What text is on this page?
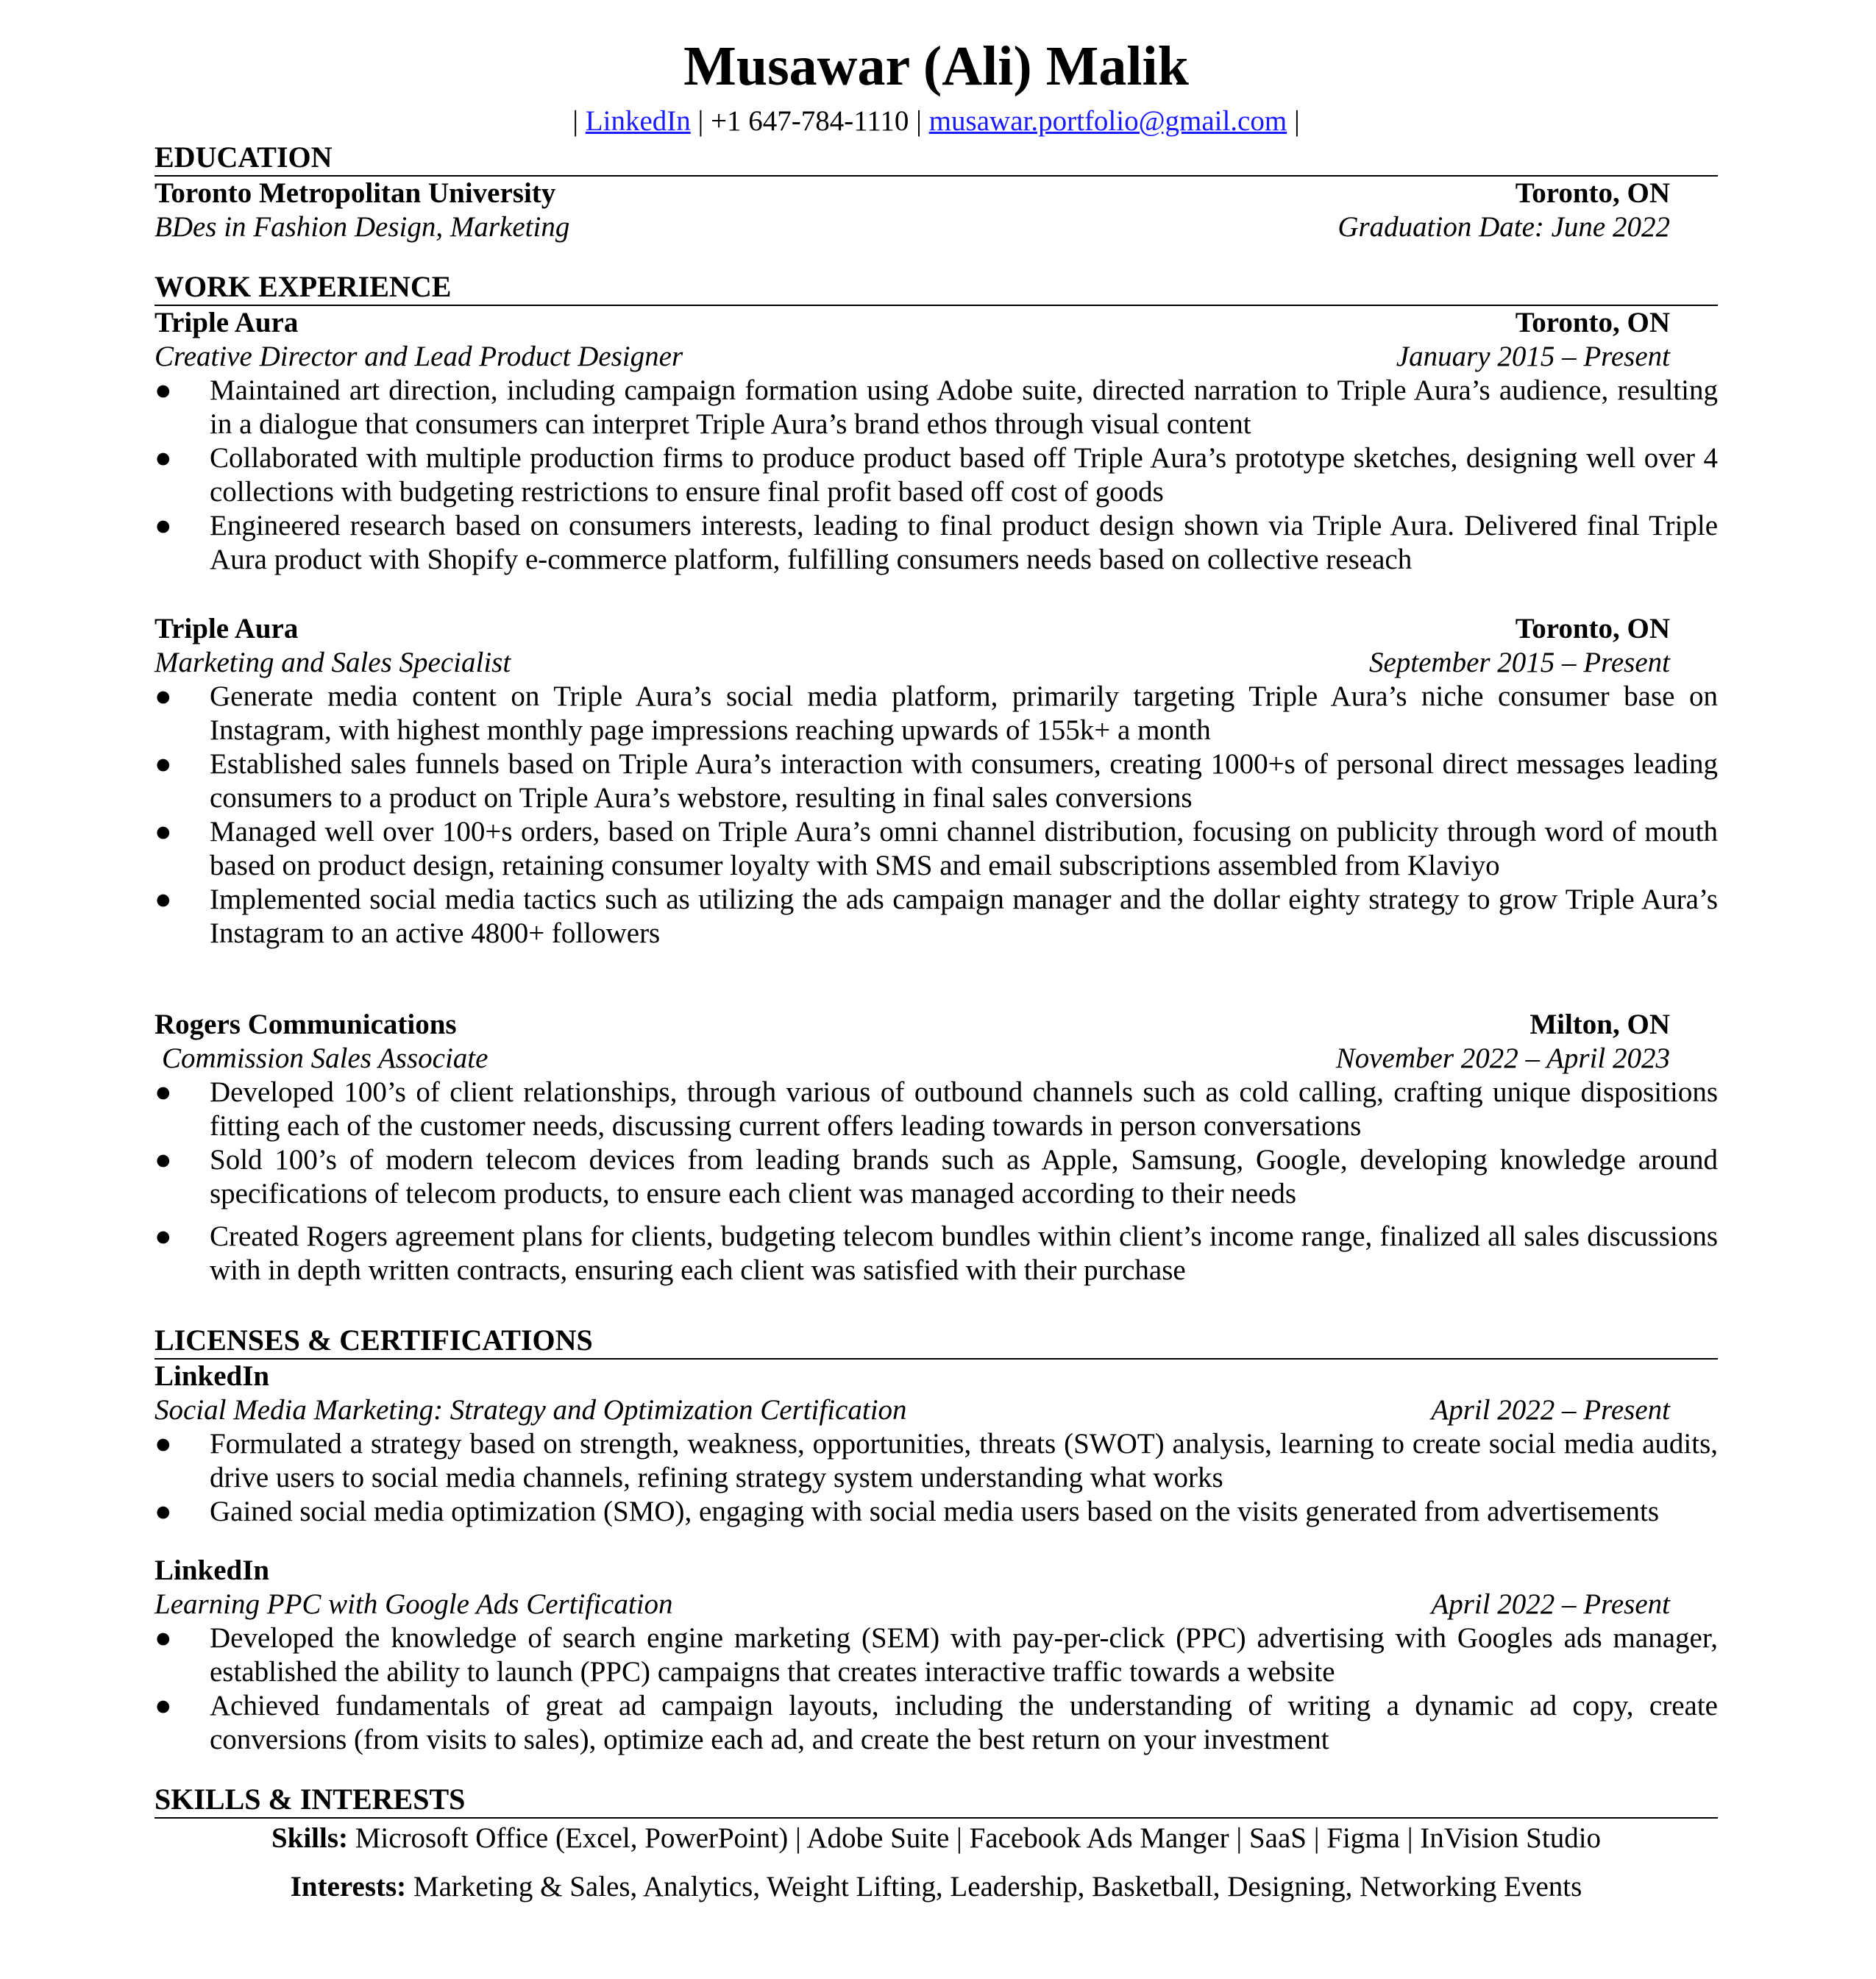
Musawar (Ali) Malik
| LinkedIn | +1 647-784-1110 | musawar.portfolio@gmail.com |
EDUCATION
Toronto Metropolitan University	Toronto, ON
BDes in Fashion Design, Marketing	Graduation Date: June 2022
WORK EXPERIENCE
Triple Aura	Toronto, ON
Creative Director and Lead Product Designer	January 2015 – Present
● Maintained art direction, including campaign formation using Adobe suite, directed narration to Triple Aura’s audience, resulting in a dialogue that consumers can interpret Triple Aura’s brand ethos through visual content
● Collaborated with multiple production firms to produce product based off Triple Aura’s prototype sketches, designing well over 4 collections with budgeting restrictions to ensure final profit based off cost of goods
● Engineered research based on consumers interests, leading to final product design shown via Triple Aura. Delivered final Triple Aura product with Shopify e-commerce platform, fulfilling consumers needs based on collective reseach
Triple Aura	Toronto, ON
Marketing and Sales Specialist	September 2015 – Present
● Generate media content on Triple Aura’s social media platform, primarily targeting Triple Aura’s niche consumer base on Instagram, with highest monthly page impressions reaching upwards of 155k+ a month
● Established sales funnels based on Triple Aura’s interaction with consumers, creating 1000+s of personal direct messages leading consumers to a product on Triple Aura’s webstore, resulting in final sales conversions
● Managed well over 100+s orders, based on Triple Aura’s omni channel distribution, focusing on publicity through word of mouth based on product design, retaining consumer loyalty with SMS and email subscriptions assembled from Klaviyo
● Implemented social media tactics such as utilizing the ads campaign manager and the dollar eighty strategy to grow Triple Aura’s Instagram to an active 4800+ followers
Rogers Communications	Milton, ON
Commission Sales Associate	November 2022 – April 2023
● Developed 100’s of client relationships, through various of outbound channels such as cold calling, crafting unique dispositions fitting each of the customer needs, discussing current offers leading towards in person conversations
● Sold 100’s of modern telecom devices from leading brands such as Apple, Samsung, Google, developing knowledge around specifications of telecom products, to ensure each client was managed according to their needs
● Created Rogers agreement plans for clients, budgeting telecom bundles within client’s income range, finalized all sales discussions with in depth written contracts, ensuring each client was satisfied with their purchase
LICENSES & CERTIFICATIONS
LinkedIn
Social Media Marketing: Strategy and Optimization Certification	April 2022 – Present
● Formulated a strategy based on strength, weakness, opportunities, threats (SWOT) analysis, learning to create social media audits, drive users to social media channels, refining strategy system understanding what works
● Gained social media optimization (SMO), engaging with social media users based on the visits generated from advertisements
LinkedIn
Learning PPC with Google Ads Certification	April 2022 – Present
● Developed the knowledge of search engine marketing (SEM) with pay-per-click (PPC) advertising with Googles ads manager, established the ability to launch (PPC) campaigns that creates interactive traffic towards a website
● Achieved fundamentals of great ad campaign layouts, including the understanding of writing a dynamic ad copy, create conversions (from visits to sales), optimize each ad, and create the best return on your investment
SKILLS & INTERESTS
Skills: Microsoft Office (Excel, PowerPoint) | Adobe Suite | Facebook Ads Manger | SaaS | Figma | InVision Studio
Interests: Marketing & Sales, Analytics, Weight Lifting, Leadership, Basketball, Designing, Networking Events
